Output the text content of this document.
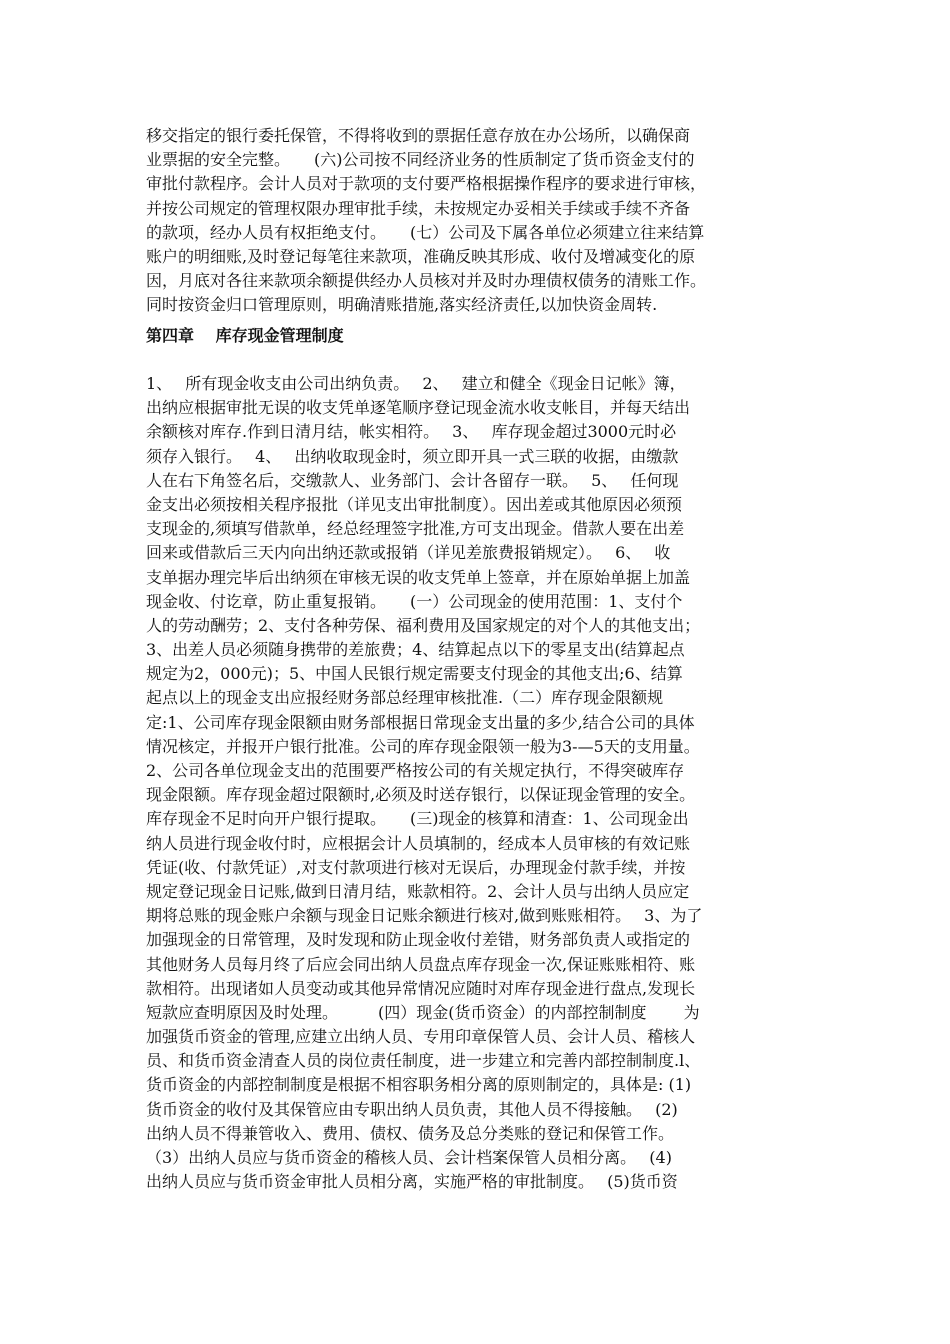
移交指定的银行委托保管，不得将收到的票据任意存放在办公场所，以确保商
业票据的安全完整。　　(六)公司按不同经济业务的性质制定了货币资金支付的
审批付款程序。会计人员对于款项的支付要严格根据操作程序的要求进行审核，
并按公司规定的管理权限办理审批手续，未按规定办妥相关手续或手续不齐备
的款项，经办人员有权拒绝支付。　　(七）公司及下属各单位必须建立往来结算
账户的明细账,及时登记每笔往来款项，准确反映其形成、收付及增减变化的原
因，月底对各往来款项余额提供经办人员核对并及时办理债权债务的清账工作。
同时按资金归口管理原则，明确清账措施,落实经济责任,以加快资金周转.
第四章　 库存现金管理制度
1、　 所有现金收支由公司出纳负责。　 2、　 建立和健全《现金日记帐》簿，
出纳应根据审批无误的收支凭单逐笔顺序登记现金流水收支帐目，并每天结出
余额核对库存.作到日清月结，帐实相符。　 3、　 库存现金超过3000元时必
须存入银行。　 4、　 出纳收取现金时，须立即开具一式三联的收据，由缴款
人在右下角签名后，交缴款人、业务部门、会计各留存一联。　 5、　 任何现
金支出必须按相关程序报批（详见支出审批制度）。因出差或其他原因必须预
支现金的,须填写借款单，经总经理签字批准,方可支出现金。借款人要在出差
回来或借款后三天内向出纳还款或报销（详见差旅费报销规定）。　 6、　 收
支单据办理完毕后出纳须在审核无误的收支凭单上签章，并在原始单据上加盖
现金收、付讫章，防止重复报销。　　(一）公司现金的使用范围：1、支付个
人的劳动酬劳；2、支付各种劳保、福利费用及国家规定的对个人的其他支出；
3、出差人员必须随身携带的差旅费；4、结算起点以下的零星支出(结算起点
规定为2，000元)；5、中国人民银行规定需要支付现金的其他支出;6、结算
起点以上的现金支出应报经财务部总经理审核批准.（二）库存现金限额规
定:1、公司库存现金限额由财务部根据日常现金支出量的多少,结合公司的具体
情况核定，并报开户银行批准。公司的库存现金限领一般为3-—5天的支用量。
2、公司各单位现金支出的范围要严格按公司的有关规定执行，不得突破库存
现金限额。库存现金超过限额时,必须及时送存银行，以保证现金管理的安全。
库存现金不足时向开户银行提取。　　(三)现金的核算和清查：1、公司现金出
纳人员进行现金收付时，应根据会计人员填制的，经成本人员审核的有效记账
凭证(收、付款凭证）,对支付款项进行核对无误后，办理现金付款手续，并按
规定登记现金日记账,做到日清月结，账款相符。2、会计人员与出纳人员应定
期将总账的现金账户余额与现金日记账余额进行核对,做到账账相符。　 3、为了
加强现金的日常管理，及时发现和防止现金收付差错，财务部负责人或指定的
其他财务人员每月终了后应会同出纳人员盘点库存现金一次,保证账账相符、账
款相符。出现诸如人员变动或其他异常情况应随时对库存现金进行盘点,发现长
短款应查明原因及时处理。　　　(四）现金(货币资金）的内部控制制度　　 为
加强货币资金的管理,应建立出纳人员、专用印章保管人员、会计人员、稽核人
员、和货币资金清查人员的岗位责任制度，进一步建立和完善内部控制制度.l、
货币资金的内部控制制度是根据不相容职务相分离的原则制定的，具体是: (1)
货币资金的收付及其保管应由专职出纳人员负责，其他人员不得接触。　 (2)
出纳人员不得兼管收入、费用、债权、债务及总分类账的登记和保管工作。
（3）出纳人员应与货币资金的稽核人员、会计档案保管人员相分离。　 (4)
出纳人员应与货币资金审批人员相分离，实施严格的审批制度。　 (5)货币资
